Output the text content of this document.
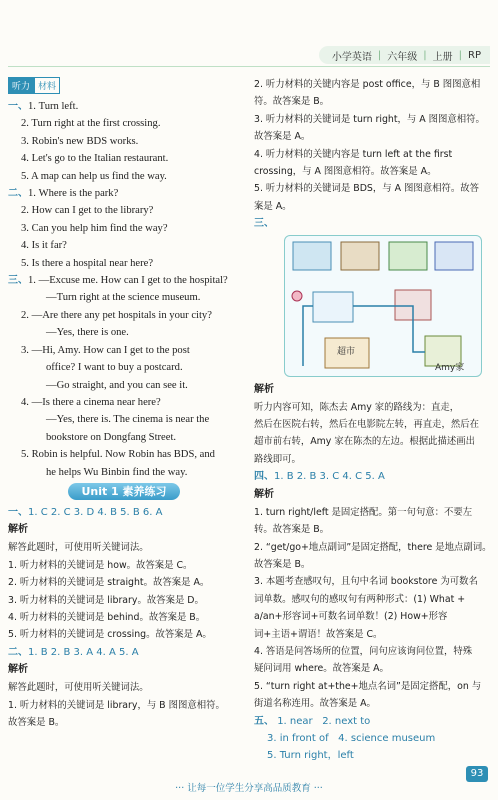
小学英语 | 六年级 | 上册 | RP
听力 材料
一、1. Turn left.
2. Turn right at the first crossing.
3. Robin's new BDS works.
4. Let's go to the Italian restaurant.
5. A map can help us find the way.
二、1. Where is the park?
2. How can I get to the library?
3. Can you help him find the way?
4. Is it far?
5. Is there a hospital near here?
三、1. —Excuse me. How can I get to the hospital?
—Turn right at the science museum.
2. —Are there any pet hospitals in your city?
—Yes, there is one.
3. —Hi, Amy. How can I get to the post
office? I want to buy a postcard.
—Go straight, and you can see it.
4. —Is there a cinema near here?
—Yes, there is. The cinema is near the
bookstore on Dongfang Street.
5. Robin is helpful. Now Robin has BDS, and
he helps Wu Binbin find the way.
Unit 1 素养练习
一、1. C 2. C 3. D 4. B 5. B 6. A
解析
解答此题时，可使用听关键词法。
1. 听力材料的关键词是 how。故答案是 C。
2. 听力材料的关键词是 straight。故答案是 A。
3. 听力材料的关键词是 library。故答案是 D。
4. 听力材料的关键词是 behind。故答案是 B。
5. 听力材料的关键词是 crossing。故答案是 A。
二、1. B 2. B 3. A 4. A 5. A
解析
解答此题时，可使用听关键词法。
1. 听力材料的关键词是 library，与 B 图图意相符。
故答案是 B。
2. 听力材料的关键内容是 post office，与 B 图图意相
符。故答案是 B。
3. 听力材料的关键词是 turn right，与 A 图图意相符。
故答案是 A。
4. 听力材料的关键内容是 turn left at the first
crossing，与 A 图图意相符。故答案是 A。
5. 听力材料的关键词是 BDS，与 A 图图意相符。故答
案是 A。
三、
超市
Amy家
解析
听力内容可知，陈杰去 Amy 家的路线为：直走，
然后在医院右转，然后在电影院左转，再直走，然后在
超市前右转，Amy 家在陈杰的左边。根据此描述画出
路线即可。
四、1. B 2. B 3. C 4. C 5. A
解析
1. turn right/left 是固定搭配。第一句句意：不要左
转。故答案是 B。
2. “get/go+地点副词”是固定搭配，there 是地点副词。
故答案是 B。
3. 本题考查感叹句，且句中名词 bookstore 为可数名
词单数。感叹句的感叹句有两种形式：(1) What +
a/an+形容词+可数名词单数！(2) How+形容
词+主语+谓语！故答案是 C。
4. 答语是问答场所的位置，问句应该询问位置，特殊
疑问词用 where。故答案是 A。
5. “turn right at+the+地点名词”是固定搭配，on 与
街道名称连用。故答案是 A。
五、 1. near 2. next to
3. in front of 4. science museum
5. Turn right，left
··· 让每一位学生分享高品质教育 ···
93
